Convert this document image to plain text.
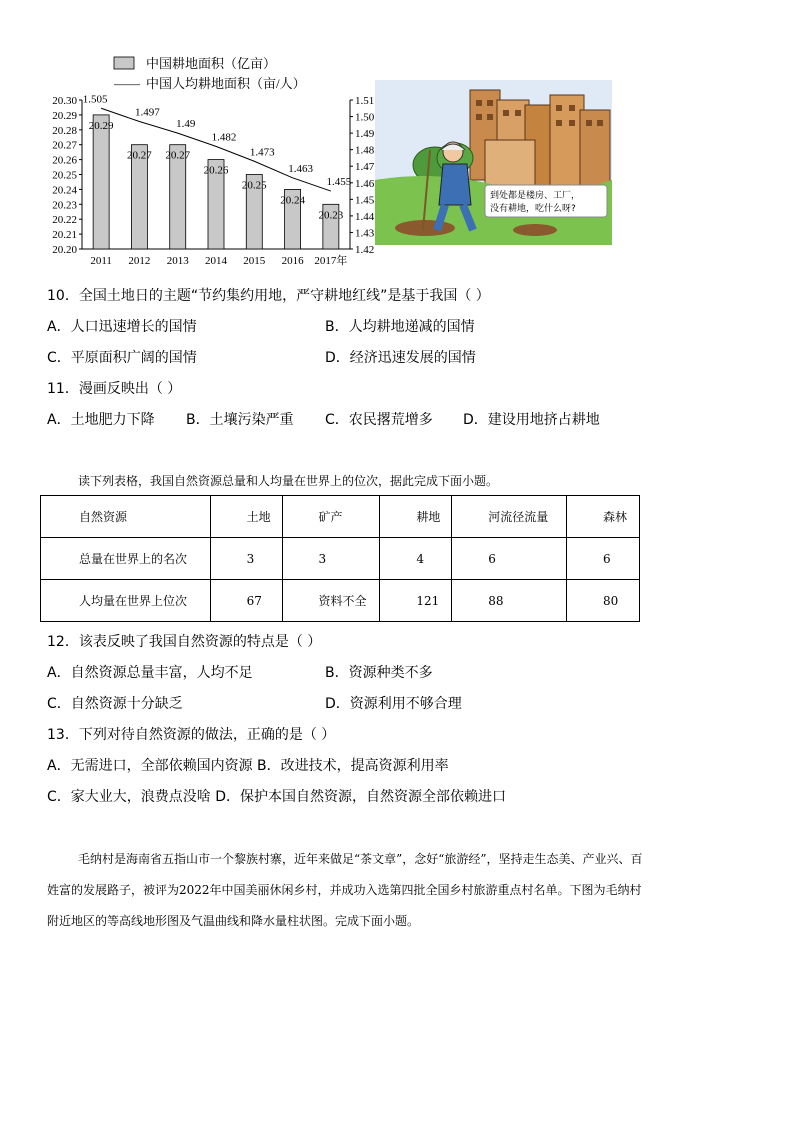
中国耕地面积（亿亩）
—— 中国人均耕地面积（亩/人）
20.20
20.21
20.22
20.23
20.24
20.25
20.26
20.27
20.28
20.29
20.30
1.42
1.43
1.44
1.45
1.46
1.47
1.48
1.49
1.50
1.51
20.29
2011
20.27
2012
20.27
2013
20.26
2014
20.25
2015
20.24
2016
20.23
2017年
1.505
1.497
1.49
1.482
1.473
1.463
1.455
到处都是楼房、工厂，
没有耕地，吃什么呀?
10．全国土地日的主题“节约集约用地，严守耕地红线”是基于我国（ ）
A．人口迅速增长的国情	B．人均耕地递减的国情
C．平原面积广阔的国情	D．经济迅速发展的国情
11．漫画反映出（ ）
A．土地肥力下降 B．土壤污染严重 C．农民撂荒增多 D．建设用地挤占耕地
读下列表格，我国自然资源总量和人均量在世界上的位次，据此完成下面小题。
自然资源	土地	矿产	耕地	河流径流量	森林
总量在世界上的名次	3	3	4	6	6
人均量在世界上位次	67	资料不全	121	88	80
12．该表反映了我国自然资源的特点是（ ）
A．自然资源总量丰富，人均不足	B．资源种类不多
C．自然资源十分缺乏	D．资源利用不够合理
13．下列对待自然资源的做法，正确的是（ ）
A．无需进口，全部依赖国内资源 B．改进技术，提高资源利用率
C．家大业大，浪费点没啥 D．保护本国自然资源，自然资源全部依赖进口
毛纳村是海南省五指山市一个黎族村寨，近年来做足“茶文章”，念好“旅游经”，坚持走生态美、产业兴、百
姓富的发展路子，被评为2022年中国美丽休闲乡村，并成功入选第四批全国乡村旅游重点村名单。下图为毛纳村
附近地区的等高线地形图及气温曲线和降水量柱状图。完成下面小题。
